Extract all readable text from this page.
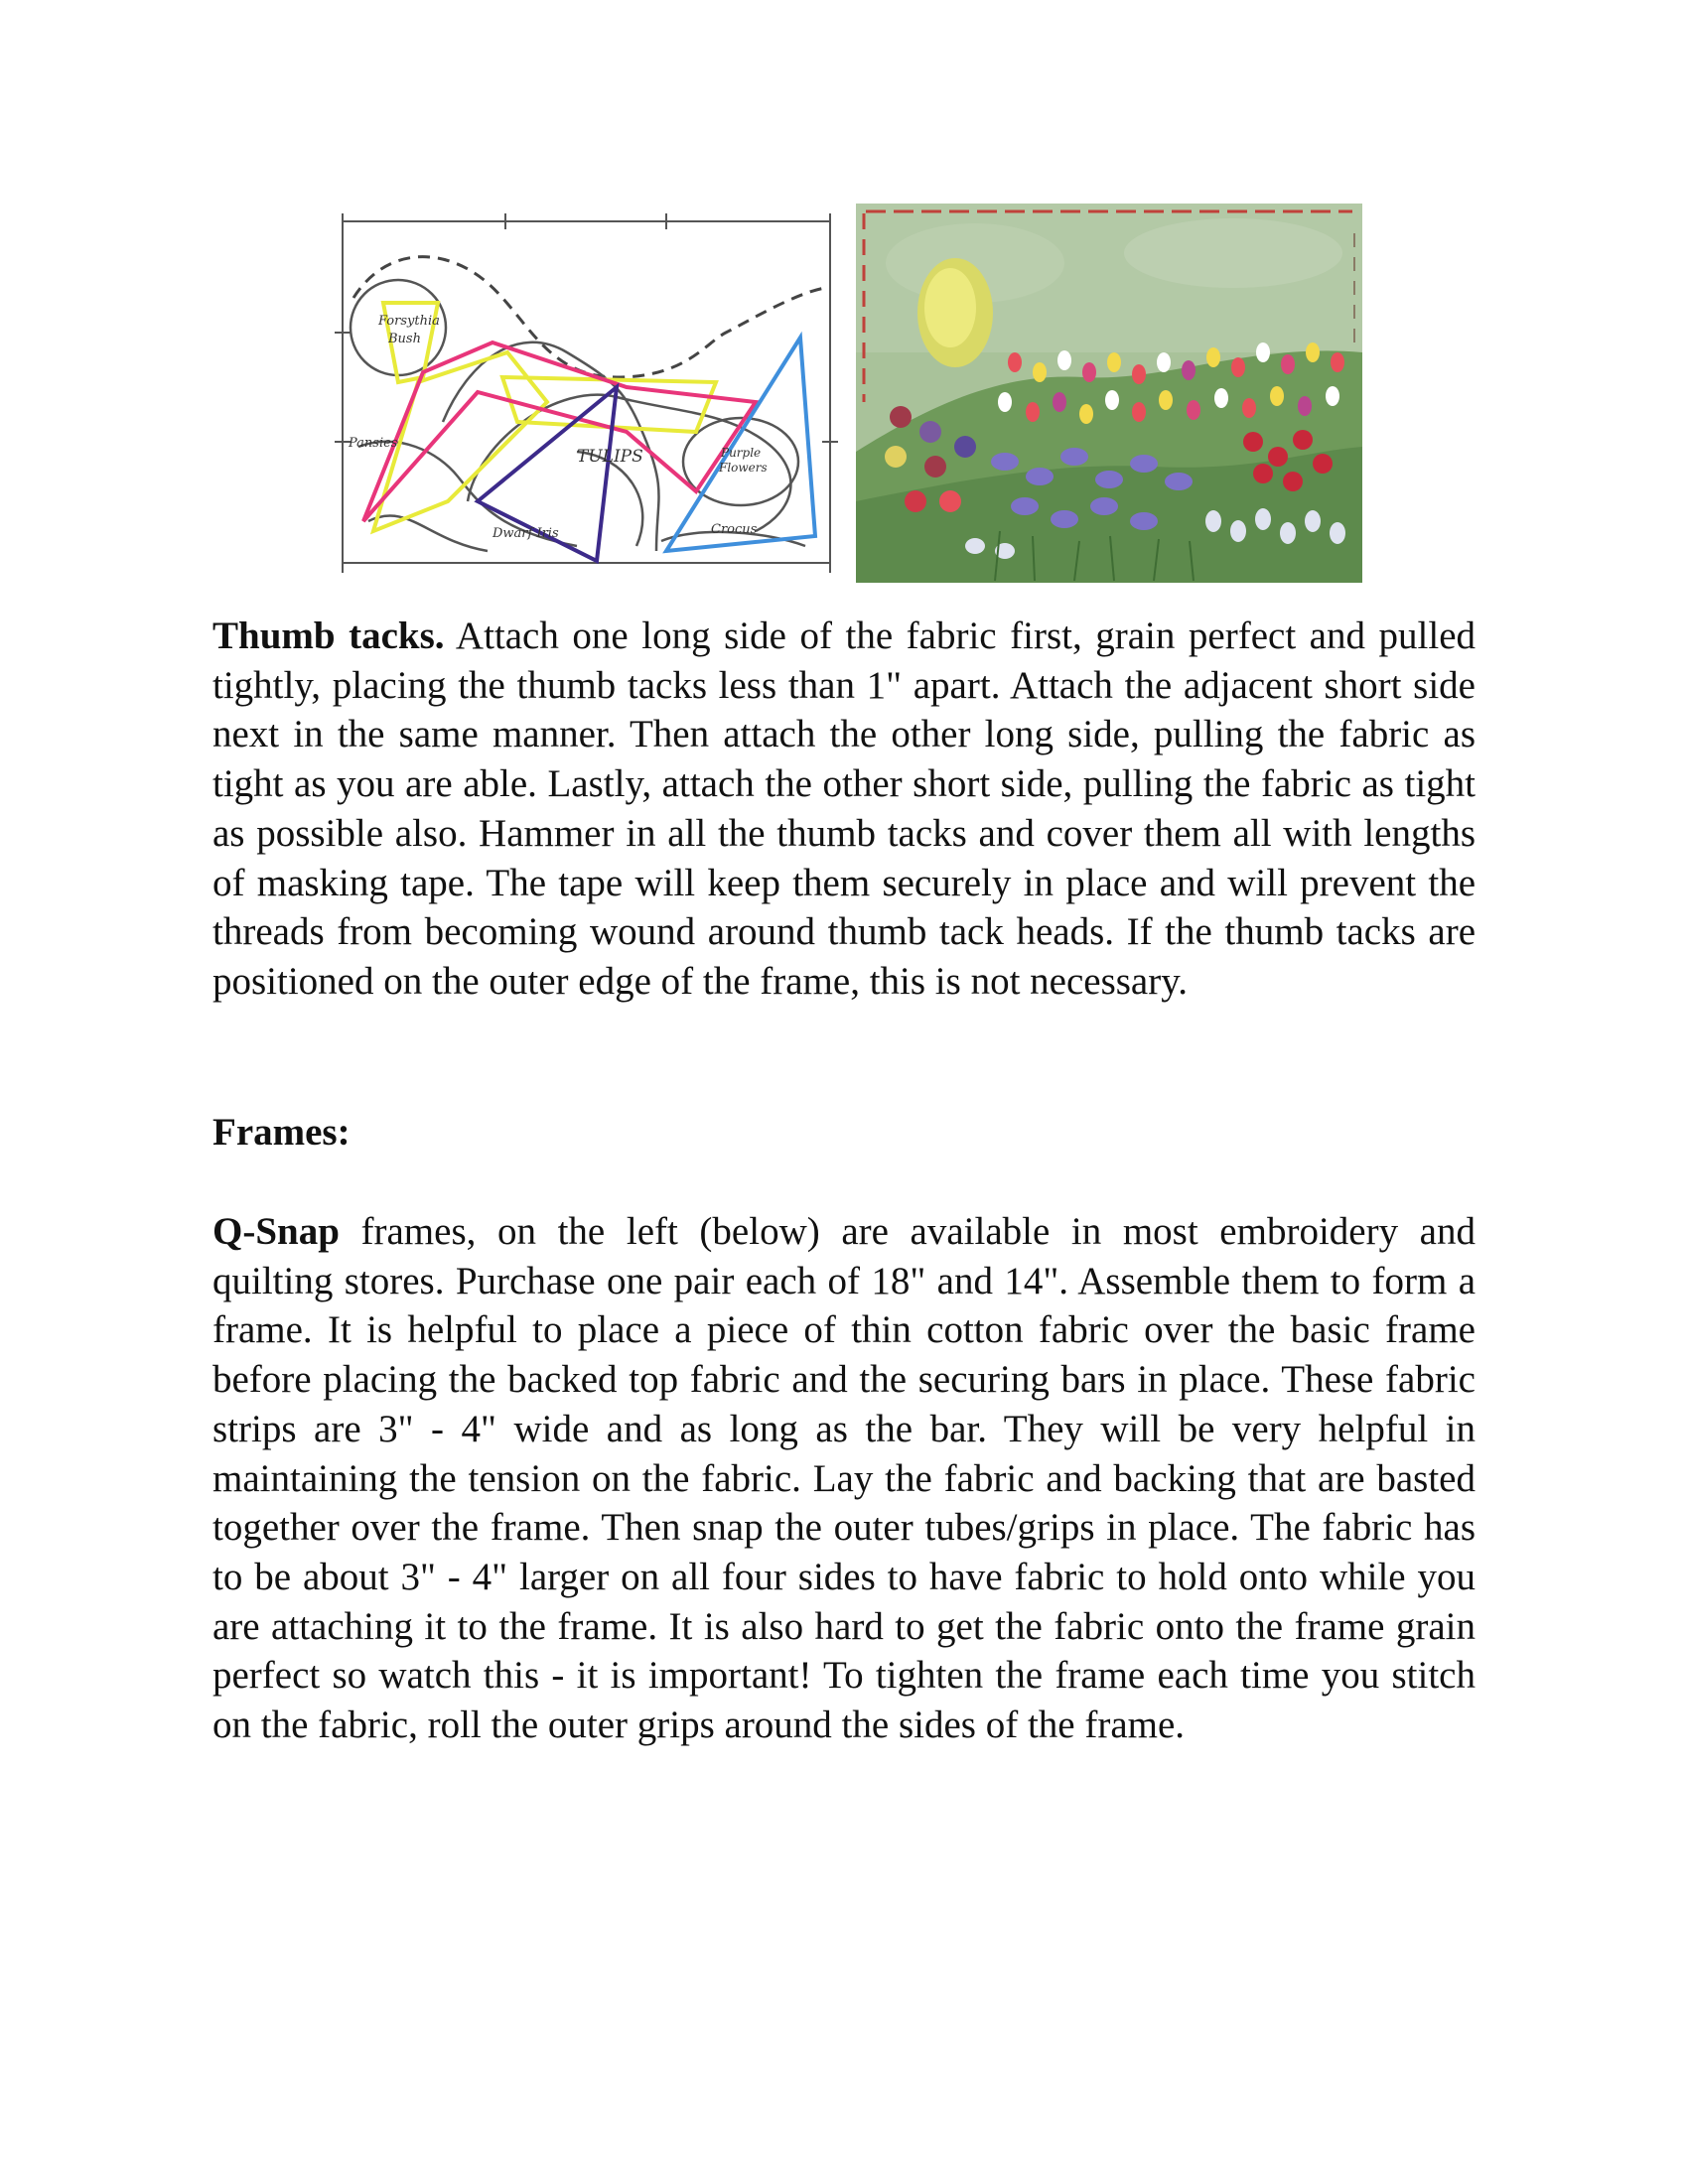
Forsythia
Bush
Pansies
TULIPS	Purple
Flowers
Dwarf Iris	Crocus

Thumb tacks. Attach one long side of the fabric first, grain perfect and pulled tightly, placing the thumb tacks less than 1" apart. Attach the adjacent short side next in the same manner. Then attach the other long side, pulling the fabric as tight as you are able. Lastly, attach the other short side, pulling the fabric as tight as possible also. Hammer in all the thumb tacks and cover them all with lengths of masking tape. The tape will keep them securely in place and will prevent the threads from becoming wound around thumb tack heads. If the thumb tacks are positioned on the outer edge of the frame, this is not necessary.

Frames:

Q-Snap frames, on the left (below) are available in most embroidery and quilting stores. Purchase one pair each of 18" and 14". Assemble them to form a frame. It is helpful to place a piece of thin cotton fabric over the basic frame before placing the backed top fabric and the securing bars in place. These fabric strips are 3" - 4" wide and as long as the bar. They will be very helpful in maintaining the tension on the fabric. Lay the fabric and backing that are basted together over the frame. Then snap the outer tubes/grips in place. The fabric has to be about 3" - 4" larger on all four sides to have fabric to hold onto while you are attaching it to the frame. It is also hard to get the fabric onto the frame grain perfect so watch this - it is important! To tighten the frame each time you stitch on the fabric, roll the outer grips around the sides of the frame.
